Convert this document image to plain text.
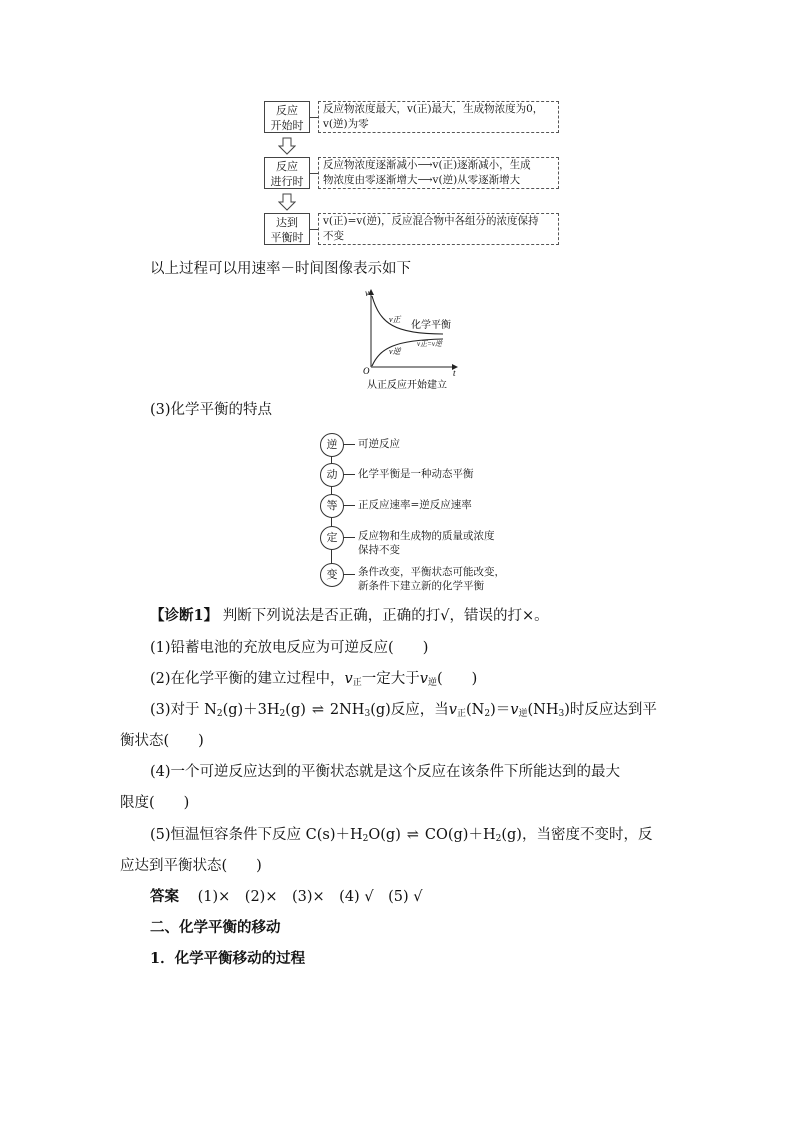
反应
开始时
反应物浓度最大，v(正)最大，生成物浓度为0，
v(逆)为零
反应
进行时
反应物浓度逐渐减小⟶v(正)逐渐减小，生成
物浓度由零逐渐增大⟶v(逆)从零逐渐增大
达到
平衡时
v(正)=v(逆)，反应混合物中各组分的浓度保持
不变
以上过程可以用速率－时间图像表示如下
v
t
O
v正
v逆
化学平衡
v正=v逆
从正反应开始建立
(3)化学平衡的特点
逆	可逆反应
动	化学平衡是一种动态平衡
等	正反应速率=逆反应速率
定	反应物和生成物的质量或浓度
保持不变
变	条件改变，平衡状态可能改变，
新条件下建立新的化学平衡
【诊断1】 判断下列说法是否正确，正确的打√，错误的打×。
(1)铅蓄电池的充放电反应为可逆反应(　　)
(2)在化学平衡的建立过程中，$v_正$一定大于$v_逆$(　　)
(3)对于 $N_2(g)+3H_2(g)$ ⇌ $2NH_3(g)$反应，当$v_正(N_2)=v_逆(NH_3)$时反应达到平
衡状态(　　)
(4)一个可逆反应达到的平衡状态就是这个反应在该条件下所能达到的最大
限度(　　)
(5)恒温恒容条件下反应 $C(s)+H_2O(g)$ ⇌ $CO(g)+H_2(g)$，当密度不变时，反
应达到平衡状态(　　)
答案 (1)×　(2)×　(3)×　(4) √　(5) √
二、化学平衡的移动
1．化学平衡移动的过程
